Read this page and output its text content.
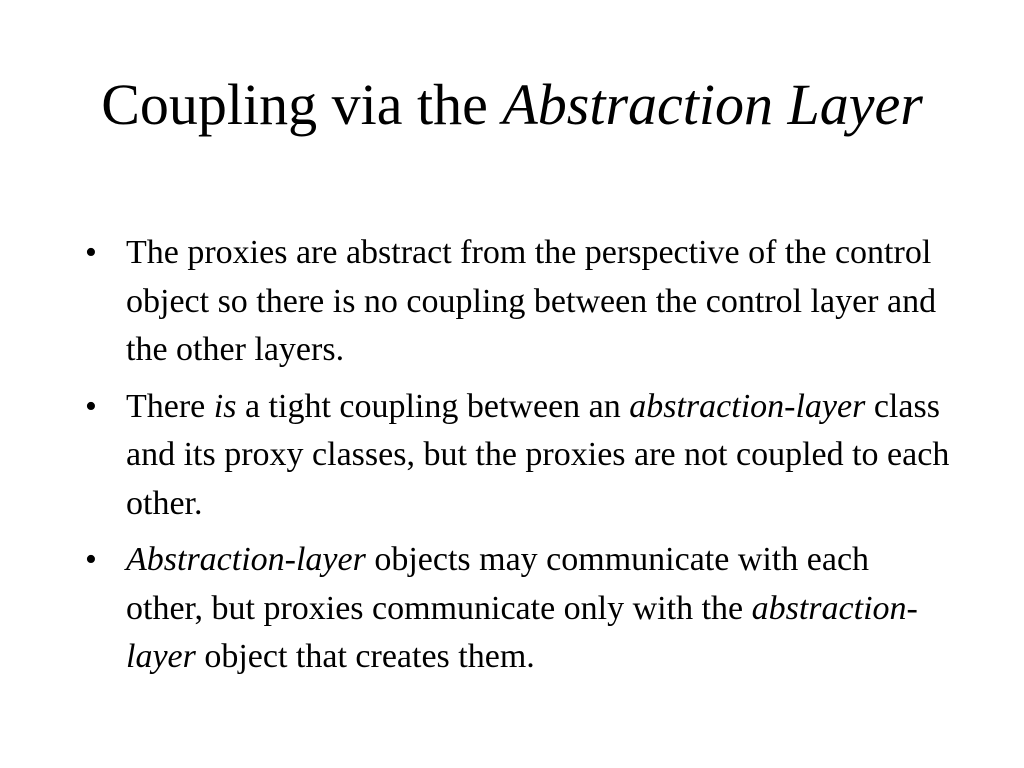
Coupling via the Abstraction Layer
• The proxies are abstract from the perspective of the control object so there is no coupling between the control layer and the other layers.
• There is a tight coupling between an abstraction-layer class and its proxy classes, but the proxies are not coupled to each other.
• Abstraction-layer objects may communicate with each other, but proxies communicate only with the abstraction-layer object that creates them.
